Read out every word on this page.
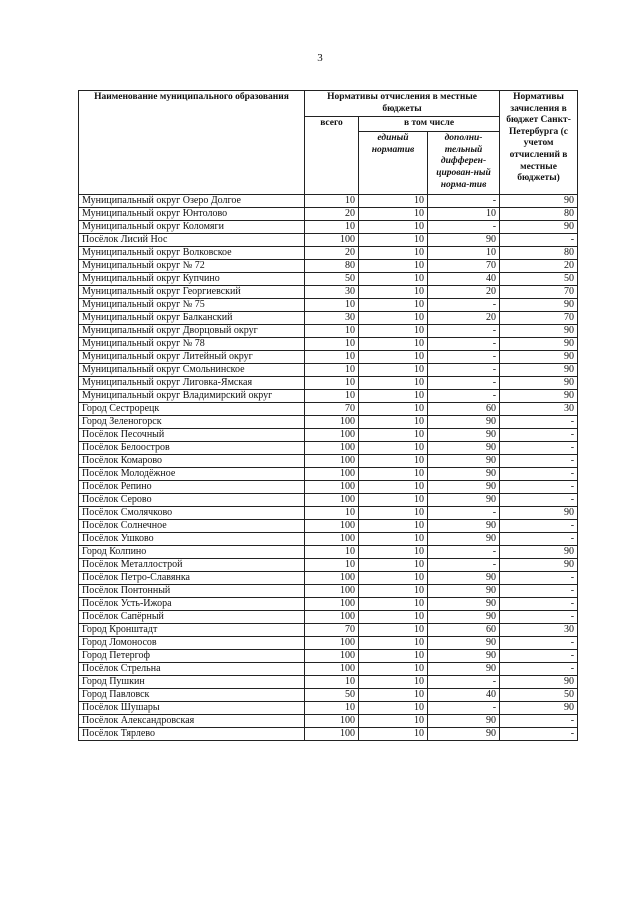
3
Наименование муниципального образования	Нормативы отчисления в местные бюджеты			Нормативы зачисления в бюджет Санкт-Петербурга (с учетом отчислений в местные бюджеты)
	всего	в том числе		
		единый норматив	дополни-тельный дифферен-цирован-ный норма-тив	
Муниципальный округ Озеро Долгое	10	10	-	90
Муниципальный округ Юнтолово	20	10	10	80
Муниципальный округ Коломяги	10	10	-	90
Посёлок Лисий Нос	100	10	90	-
Муниципальный округ Волковское	20	10	10	80
Муниципальный округ № 72	80	10	70	20
Муниципальный округ Купчино	50	10	40	50
Муниципальный округ Георгиевский	30	10	20	70
Муниципальный округ № 75	10	10	-	90
Муниципальный округ Балканский	30	10	20	70
Муниципальный округ Дворцовый округ	10	10	-	90
Муниципальный округ № 78	10	10	-	90
Муниципальный округ Литейный округ	10	10	-	90
Муниципальный округ Смольнинское	10	10	-	90
Муниципальный округ Лиговка-Ямская	10	10	-	90
Муниципальный округ Владимирский округ	10	10	-	90
Город Сестрорецк	70	10	60	30
Город Зеленогорск	100	10	90	-
Посёлок Песочный	100	10	90	-
Посёлок Белоостров	100	10	90	-
Посёлок Комарово	100	10	90	-
Посёлок Молодёжное	100	10	90	-
Посёлок Репино	100	10	90	-
Посёлок Серово	100	10	90	-
Посёлок Смолячково	10	10	-	90
Посёлок Солнечное	100	10	90	-
Посёлок Ушково	100	10	90	-
Город Колпино	10	10	-	90
Посёлок Металлострой	10	10	-	90
Посёлок Петро-Славянка	100	10	90	-
Посёлок Понтонный	100	10	90	-
Посёлок Усть-Ижора	100	10	90	-
Посёлок Сапёрный	100	10	90	-
Город Кронштадт	70	10	60	30
Город Ломоносов	100	10	90	-
Город Петергоф	100	10	90	-
Посёлок Стрельна	100	10	90	-
Город Пушкин	10	10	-	90
Город Павловск	50	10	40	50
Посёлок Шушары	10	10	-	90
Посёлок Александровская	100	10	90	-
Посёлок Тярлево	100	10	90	-
